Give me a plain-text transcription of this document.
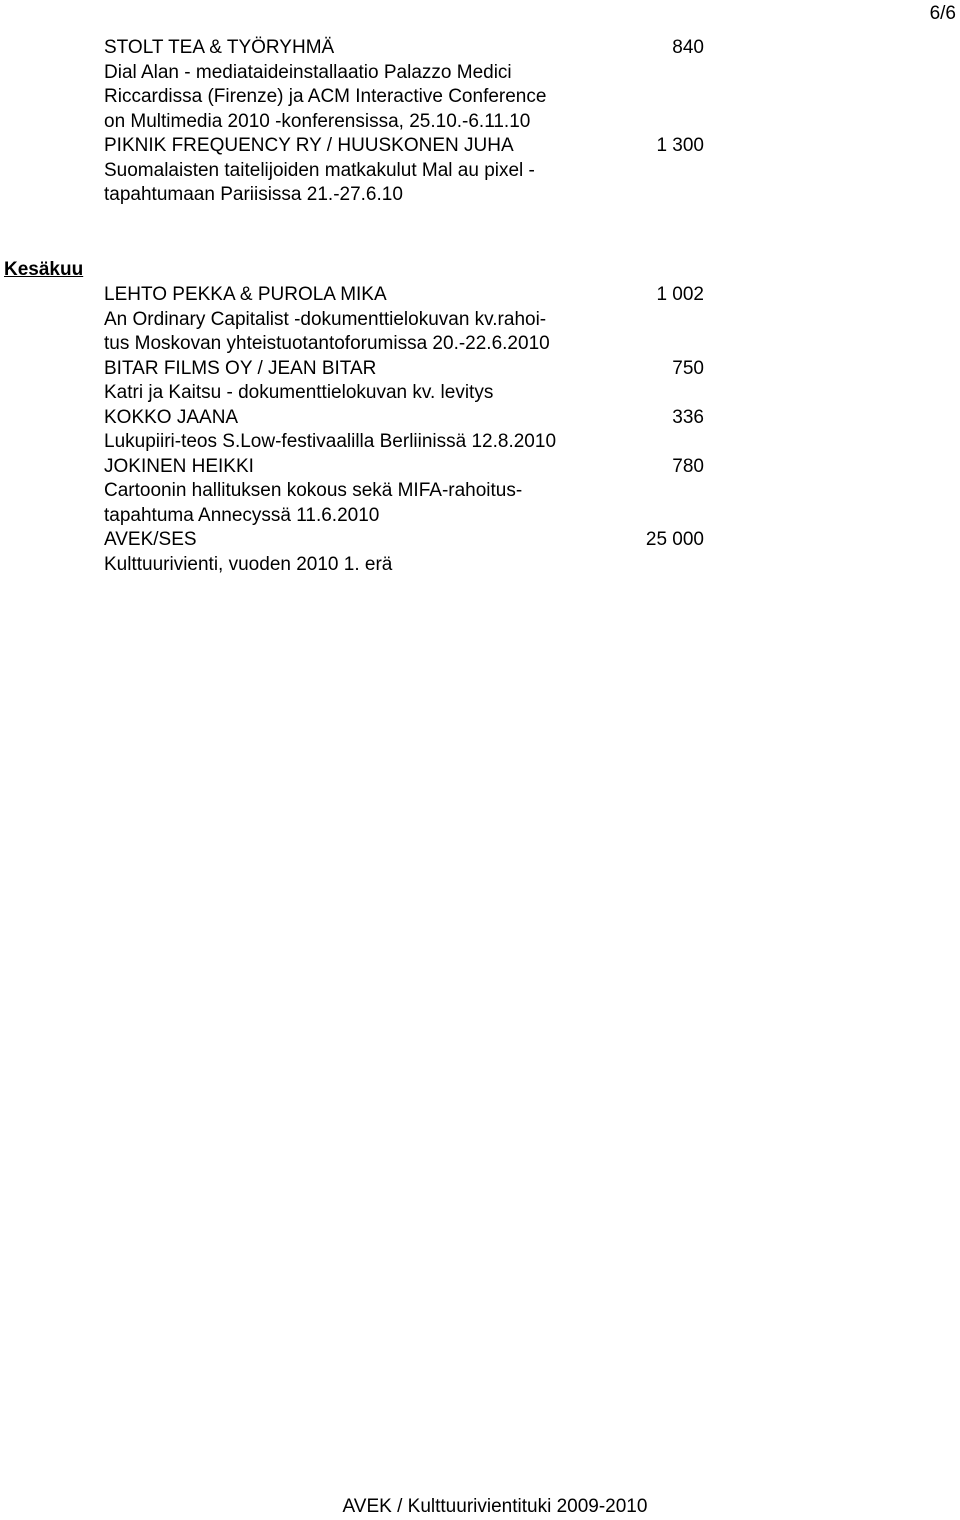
6/6
STOLT TEA & TYÖRYHMÄ	840
Dial Alan - mediataideinstallaatio Palazzo Medici
Riccardissa (Firenze) ja ACM Interactive Conference
on Multimedia 2010 -konferensissa, 25.10.-6.11.10
PIKNIK FREQUENCY RY / HUUSKONEN JUHA	1 300
Suomalaisten taitelijoiden matkakulut Mal au pixel -
tapahtumaan Pariisissa 21.-27.6.10
Kesäkuu
LEHTO PEKKA & PUROLA MIKA	1 002
An Ordinary Capitalist -dokumenttielokuvan kv.rahoi-
tus Moskovan yhteistuotantoforumissa 20.-22.6.2010
BITAR FILMS OY / JEAN BITAR	750
Katri ja Kaitsu - dokumenttielokuvan kv. levitys
KOKKO JAANA	336
Lukupiiri-teos S.Low-festivaalilla Berliinissä 12.8.2010
JOKINEN HEIKKI	780
Cartoonin hallituksen kokous sekä MIFA-rahoitus-
tapahtuma Annecyssä 11.6.2010
AVEK/SES	25 000
Kulttuurivienti, vuoden 2010 1. erä
AVEK / Kulttuurivientituki 2009-2010
